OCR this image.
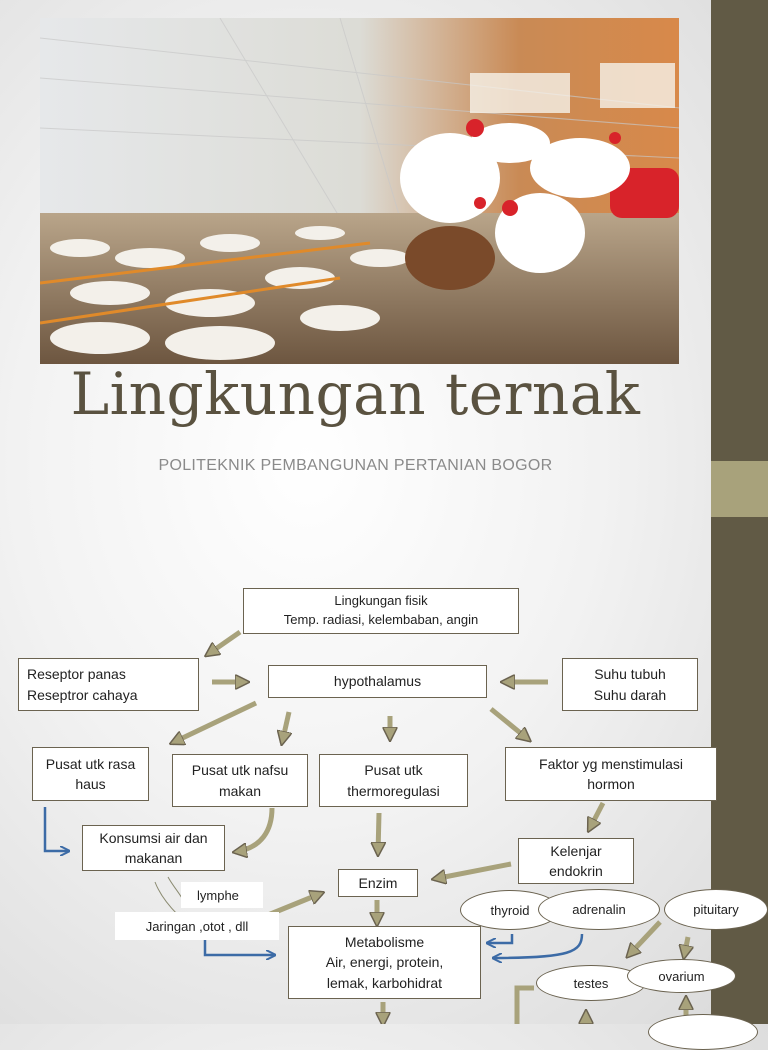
Lingkungan ternak
POLITEKNIK PEMBANGUNAN PERTANIAN BOGOR
Lingkungan fisik
Temp. radiasi, kelembaban, angin
Reseptor panas
Reseptror cahaya
hypothalamus	Suhu tubuh
Suhu darah
Pusat utk rasa
haus
Pusat utk nafsu
makan
Pusat utk
thermoregulasi
Faktor yg menstimulasi
hormon
Konsumsi air dan
makanan	Kelenjar
endokrin
Enzim
lymphe
Jaringan ,otot , dll
Metabolisme
Air, energi, protein,
lemak, karbohidrat
thyroid	adrenalin	pituitary
testes	ovarium
